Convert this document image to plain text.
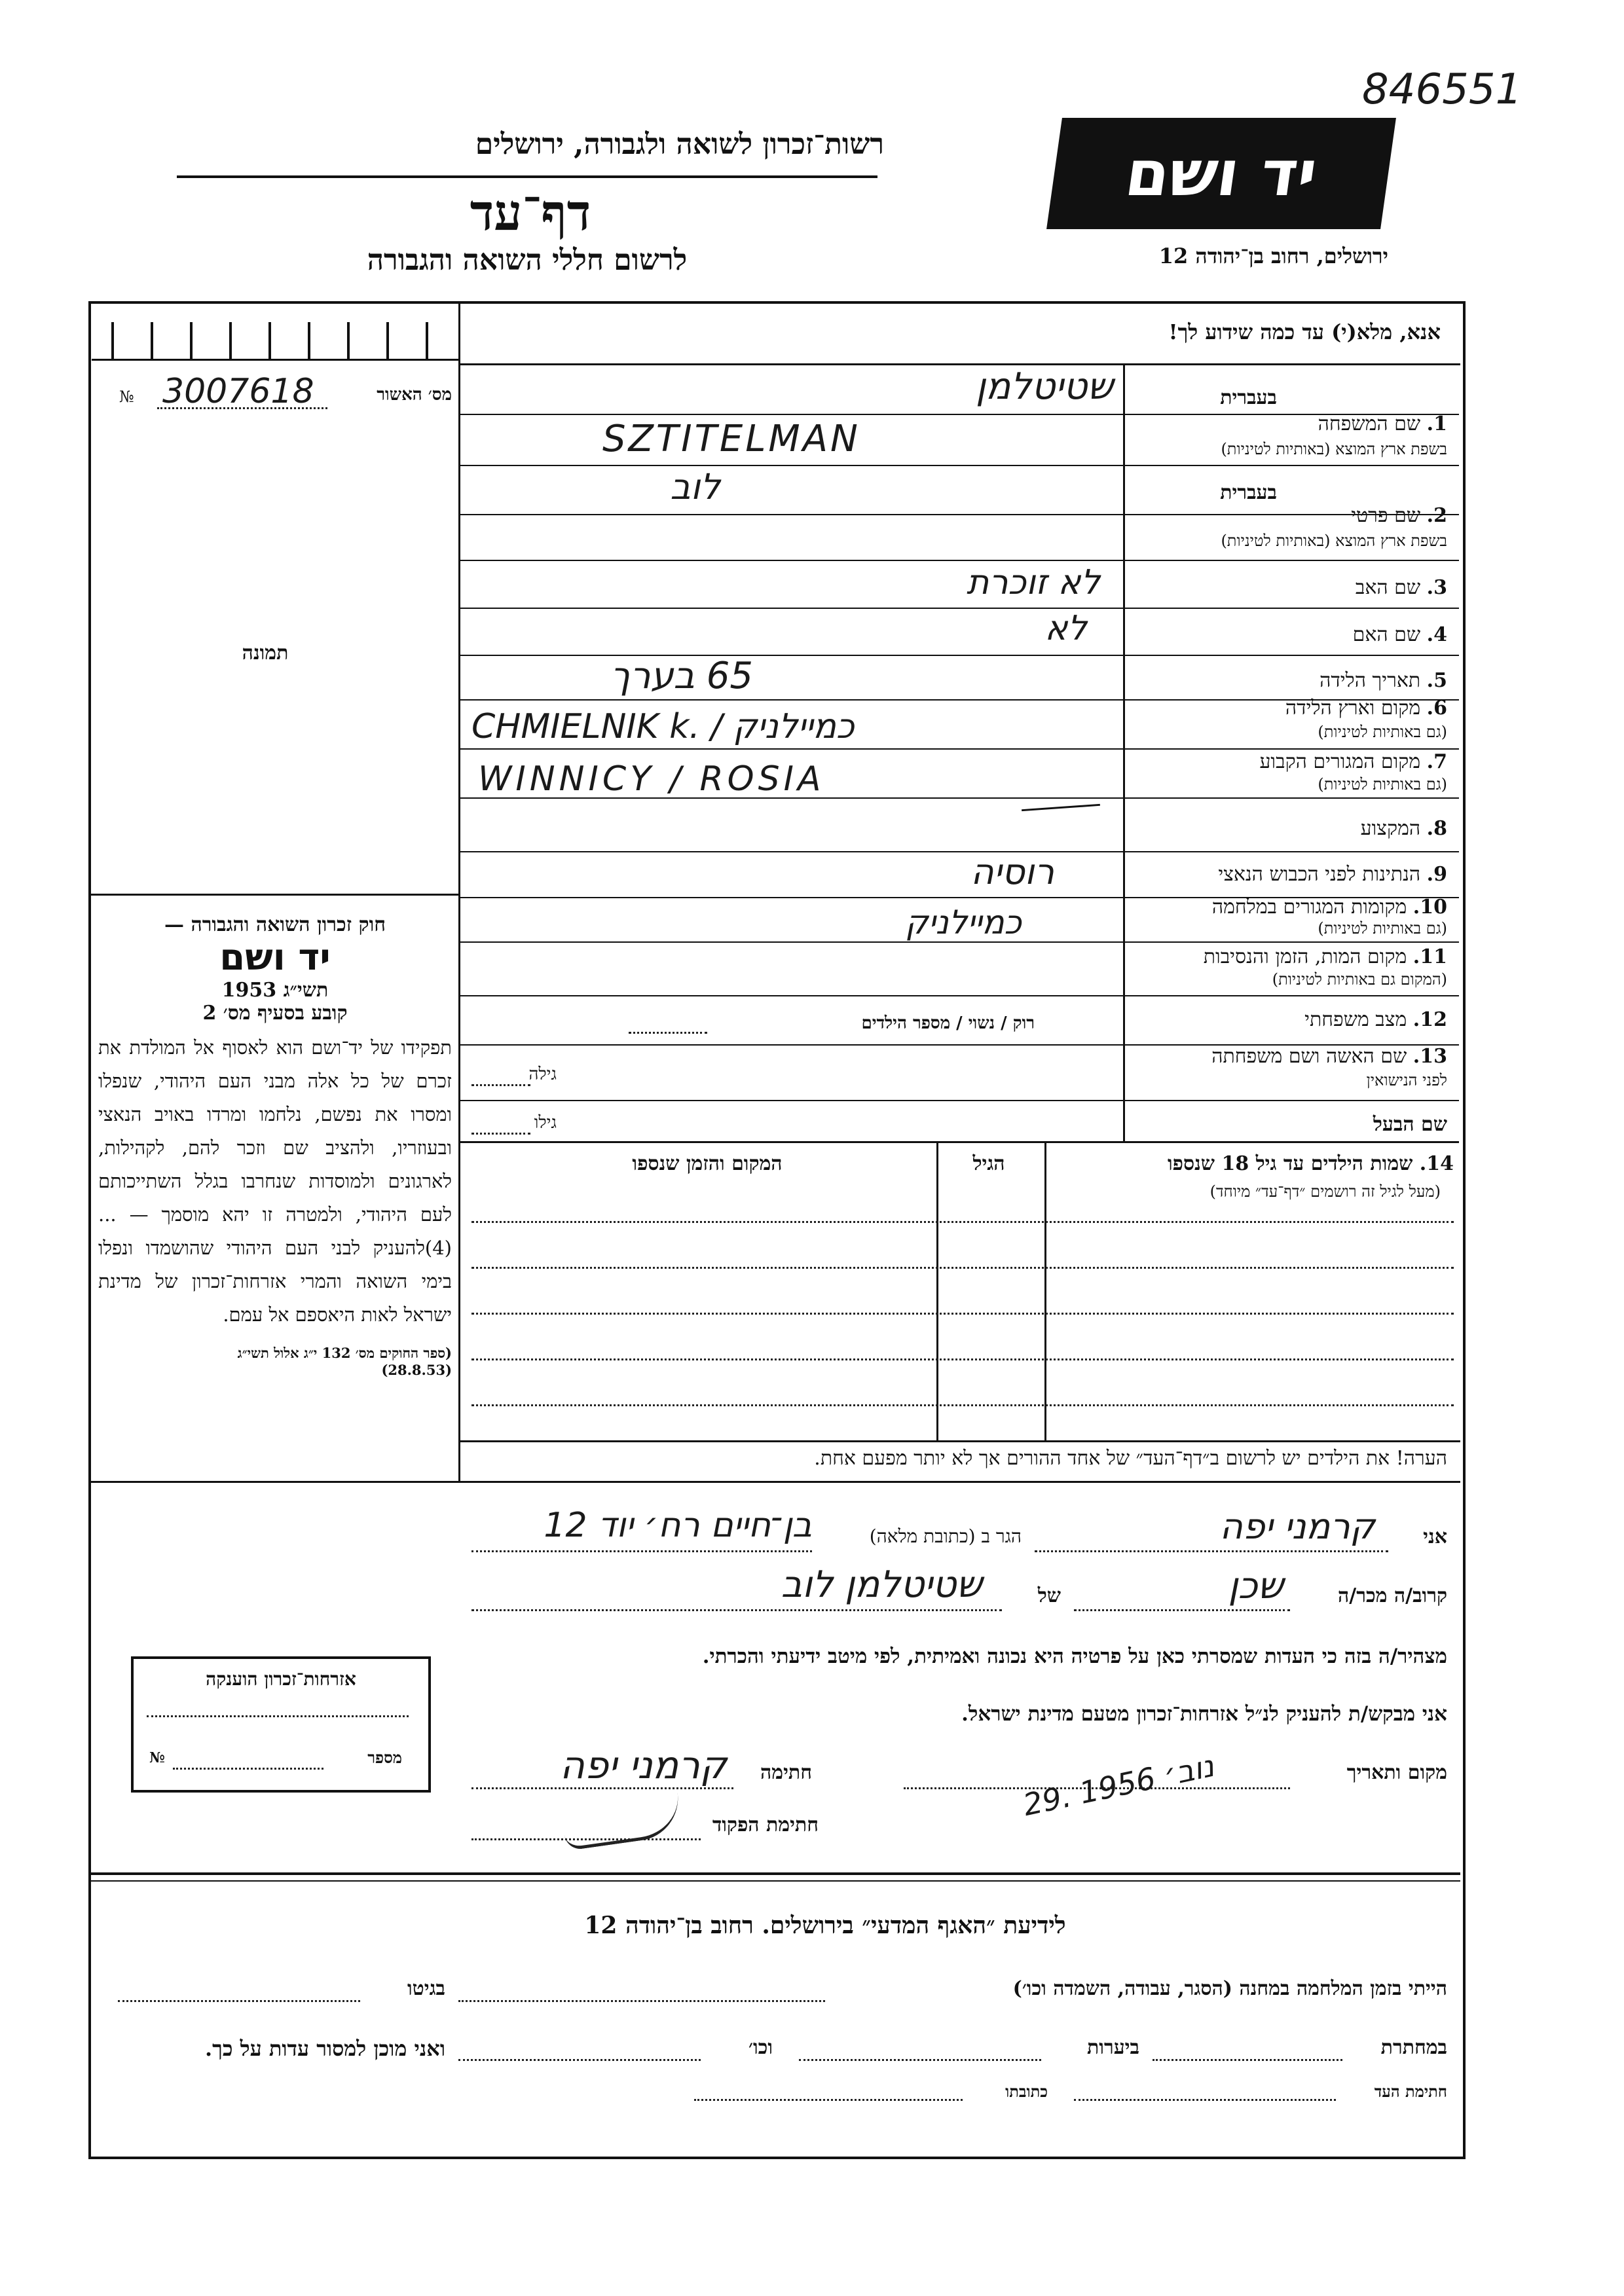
846551
רשות־זכרון לשואה ולגבורה, ירושלים
דף־עד
לרשום חללי השואה והגבורה
יד ושם
ירושלים, רחוב בן־יהודה 12
אנא, מלא(י) עד כמה שידוע לך!
מס׳ האשור
№ 3007618
תמונה
בעברית
1. שם המשפחה
בשפת ארץ המוצא (באותיות לטיניות)
שטיטלמן
SZTITELMAN
בעברית
2. שם פרטי
בשפת ארץ המוצא (באותיות לטיניות)
לוב
3. שם האב
לא זוכרת
4. שם האם
לא
5. תאריך הלידה
65 בערך
6. מקום וארץ הלידה
(גם באותיות לטיניות)
CHMIELNIK k. / כמיילניק
7. מקום המגורים הקבוע
(גם באותיות לטיניות)
WINNICY / ROSIA
8. המקצוע
9. הנתינות לפני הכבוש הנאצי
רוסיה
10. מקומות המגורים במלחמה
(גם באותיות לטיניות)
כמיילניק
11. מקום המות, הזמן והנסיבות
(המקום גם באותיות לטיניות)
12. מצב משפחתי
רוק / נשוי / מספר הילדים
13. שם האשה ושם משפחתה
לפני הנישואין
גילה
שם הבעל
גילו
14. שמות הילדים עד גיל 18 שנספו
(מעל לגיל זה רושמים ״דף־עד״ מיוחד)
הגיל
המקום והזמן שנספו
חוק זכרון השואה והגבורה —
יד ושם
תשי״ג 1953
קובע בסעיף מס׳ 2
תפקידו של יד־ושם הוא לאסוף אל המולדת את זכרם של כל אלה מבני העם היהודי, שנפלו ומסרו את נפשם, נלחמו ומרדו באויב הנאצי ובעוזריו, ולהציב שם וזכר להם, לקהילות, לארגונים ולמוסדות שנחרבו בגלל השתייכותם לעם היהודי, ולמטרה זו יהא מוסמך — ...(4)להעניק לבני העם היהודי שהושמדו ונפלו בימי השואה והמרי אזרחות־זכרון של מדינת ישראל לאות היאספם אל עמם.
(ספר החוקים מס׳ 132 י״ג אלול תשי״ג (28.8.53)
הערה! את הילדים יש לרשום ב״דף־העד״ של אחד ההורים אך לא יותר מפעם אחת.
אני
קרמני יפה
הגר ב (כתובת מלאה)
בן־חיים רח׳ יוד 12
קרוב/ה מכר/ה
שכן
של
שטיטלמן לוב
מצהיר/ה בזה כי העדות שמסרתי כאן על פרטיה היא נכונה ואמיתית, לפי מיטב ידיעתי והכרתי.
אני מבקש/ת להעניק לנ״ל אזרחות־זכרון מטעם מדינת ישראל.
מקום ותאריך
29. נוב׳ 1956
חתימה
קרמני יפה
חתימת הפקוד
אזרחות־זכרון הוענקה
מספר
№
לידיעת ״האגף המדעי״ בירושלים. רחוב בן־יהודה 12
הייתי בזמן המלחמה במחנה (הסגר, עבודה, השמדה וכו׳)
בגיטו
במחתרת
ביערות
וכו׳
ואני מוכן למסור עדות על כך.
חתימת העד
כתובתו
